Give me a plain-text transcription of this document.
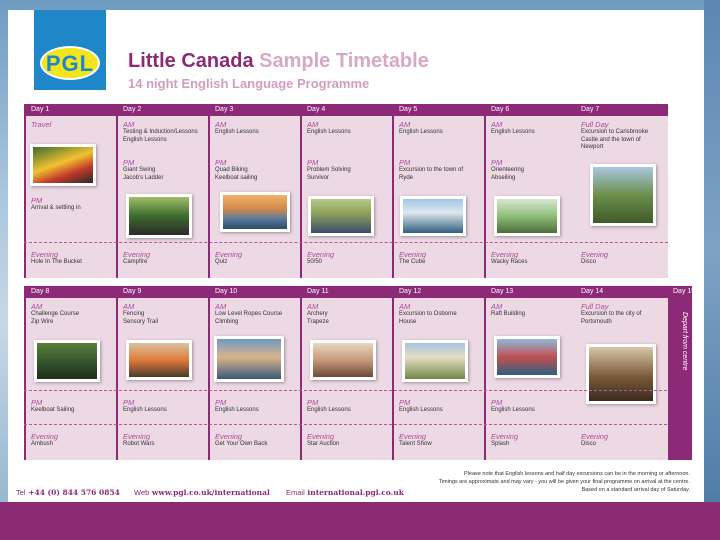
PGL	Little Canada Sample Timetable
14 night English Language Programme
Day 7
Full Day
Excursion to Carisbrooke
Castle and the town of
Newport
Evening
Disco
Day 6
AM
English Lessons
PM
Orienteering
Abseiling
Evening
Wacky Races
Day 5
AM
English Lessons
PM
Excursion to the town of
Ryde
Evening
The Cube
Day 4
AM
English Lessons
PM
Problem Solving
Survivor
Evening
50/50
Day 3
AM
English Lessons
PM
Quad Biking
Keelboat sailing
Evening
Quiz
Day 2
AM
Testing & Induction/Lessons
English Lessons
PM
Giant Swing
Jacob's Ladder
Evening
Campfire
Day 1
Travel
PM
Arrival & settling in
Evening
Hole In The Bucket
Day 14
Full Day
Excursion to the city of
Portsmouth
Evening
Disco
Day 13
AM
Raft Building
PM
English Lessons
Evening
Splash
Day 12
AM
Excursion to Osborne
House
PM
English Lessons
Evening
Talent Show
Day 11
AM
Archery
Trapeze
PM
English Lessons
Evening
Star Auction
Day 10
AM
Low Level Ropes Course
Climbing
PM
English Lessons
Evening
Get Your Own Back
Day 9
AM
Fencing
Sensory Trail
PM
English Lessons
Evening
Robot Wars
Day 8
AM
Challenge Course
Zip Wire
PM
Keelboat Sailing
Evening
Ambush
Day 15
Depart from centre
Tel +44 (0) 844 576 0854 Web www.pgl.co.uk/international Email international.pgl.co.uk
Please note that English lessons and half day excursions can be in the morning or afternoon.
Timings are approximate and may vary - you will be given your final programme on arrival at the centre.
Based on a standard arrival day of Saturday.
